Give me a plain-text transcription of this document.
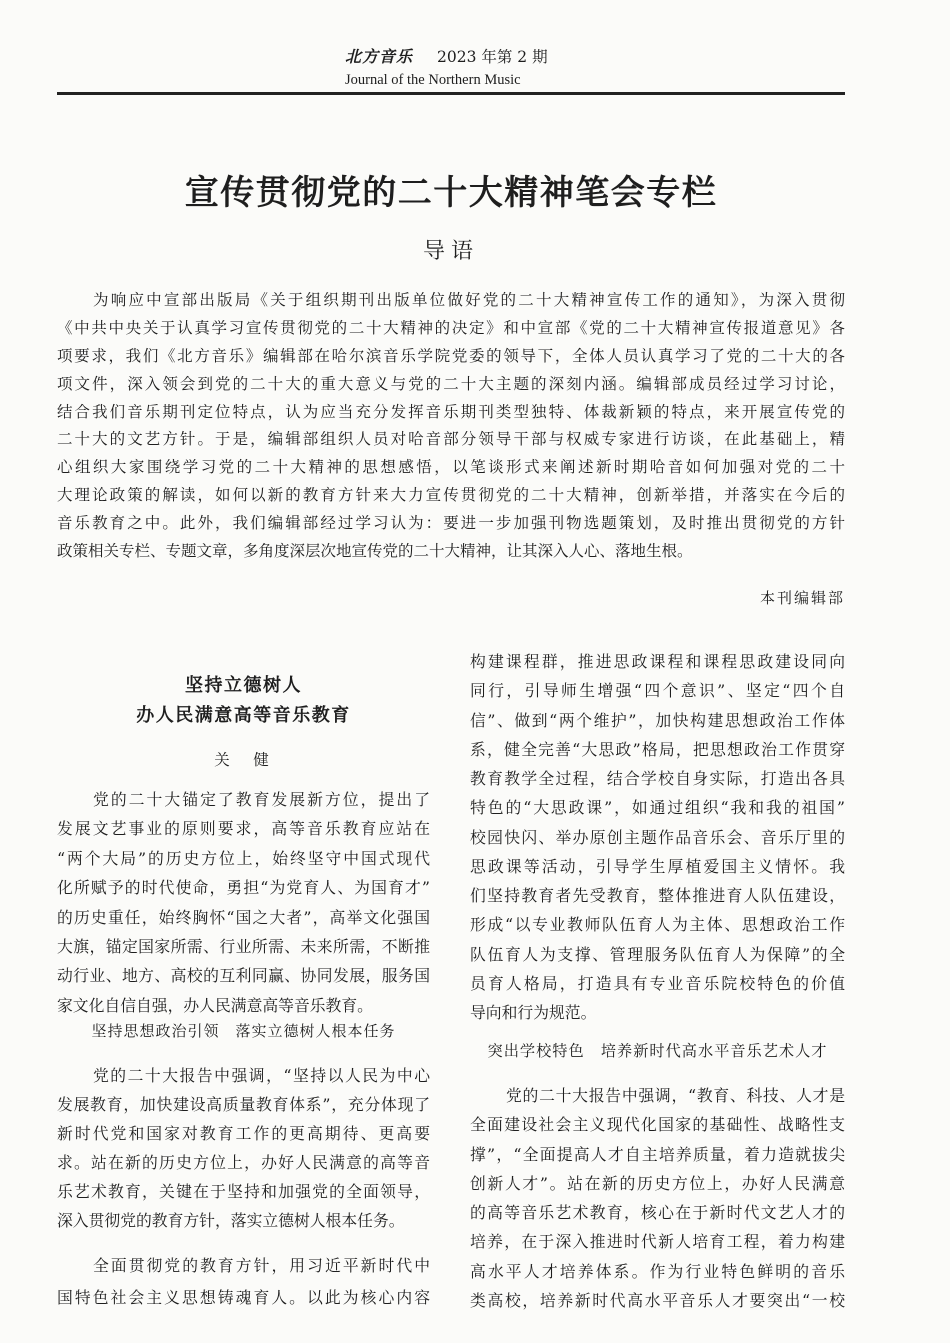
北方音乐 2023 年第 2 期
Journal of the Northern Music
宣传贯彻党的二十大精神笔会专栏
导语
为响应中宣部出版局《关于组织期刊出版单位做好党的二十大精神宣传工作的通知》，为深入贯彻
《中共中央关于认真学习宣传贯彻党的二十大精神的决定》和中宣部《党的二十大精神宣传报道意见》各
项要求，我们《北方音乐》编辑部在哈尔滨音乐学院党委的领导下，全体人员认真学习了党的二十大的各
项文件，深入领会到党的二十大的重大意义与党的二十大主题的深刻内涵。编辑部成员经过学习讨论，
结合我们音乐期刊定位特点，认为应当充分发挥音乐期刊类型独特、体裁新颖的特点，来开展宣传党的
二十大的文艺方针。于是，编辑部组织人员对哈音部分领导干部与权威专家进行访谈，在此基础上，精
心组织大家围绕学习党的二十大精神的思想感悟，以笔谈形式来阐述新时期哈音如何加强对党的二十
大理论政策的解读，如何以新的教育方针来大力宣传贯彻党的二十大精神，创新举措，并落实在今后的
音乐教育之中。此外，我们编辑部经过学习认为：要进一步加强刊物选题策划，及时推出贯彻党的方针
政策相关专栏、专题文章，多角度深层次地宣传党的二十大精神，让其深入人心、落地生根。
本刊编辑部
坚持立德树人
办人民满意高等音乐教育
关　健
党的二十大锚定了教育发展新方位，提出了
发展文艺事业的原则要求，高等音乐教育应站在
“两个大局”的历史方位上，始终坚守中国式现代
化所赋予的时代使命，勇担“为党育人、为国育才”
的历史重任，始终胸怀“国之大者”，高举文化强国
大旗，锚定国家所需、行业所需、未来所需，不断推
动行业、地方、高校的互利同赢、协同发展，服务国
家文化自信自强，办人民满意高等音乐教育。
坚持思想政治引领　落实立德树人根本任务
党的二十大报告中强调，“坚持以人民为中心
发展教育，加快建设高质量教育体系”，充分体现了
新时代党和国家对教育工作的更高期待、更高要
求。站在新的历史方位上，办好人民满意的高等音
乐艺术教育，关键在于坚持和加强党的全面领导，
深入贯彻党的教育方针，落实立德树人根本任务。
全面贯彻党的教育方针，用习近平新时代中
国特色社会主义思想铸魂育人。以此为核心内容
构建课程群，推进思政课程和课程思政建设同向
同行，引导师生增强“四个意识”、坚定“四个自
信”、做到“两个维护”，加快构建思想政治工作体
系，健全完善“大思政”格局，把思想政治工作贯穿
教育教学全过程，结合学校自身实际，打造出各具
特色的“大思政课”，如通过组织“我和我的祖国”
校园快闪、举办原创主题作品音乐会、音乐厅里的
思政课等活动，引导学生厚植爱国主义情怀。我
们坚持教育者先受教育，整体推进育人队伍建设，
形成“以专业教师队伍育人为主体、思想政治工作
队伍育人为支撑、管理服务队伍育人为保障”的全
员育人格局，打造具有专业音乐院校特色的价值
导向和行为规范。
突出学校特色　培养新时代高水平音乐艺术人才
党的二十大报告中强调，“教育、科技、人才是
全面建设社会主义现代化国家的基础性、战略性支
撑”，“全面提高人才自主培养质量，着力造就拔尖
创新人才”。站在新的历史方位上，办好人民满意
的高等音乐艺术教育，核心在于新时代文艺人才的
培养，在于深入推进时代新人培育工程，着力构建
高水平人才培养体系。作为行业特色鲜明的音乐
类高校，培养新时代高水平音乐人才要突出“一校
